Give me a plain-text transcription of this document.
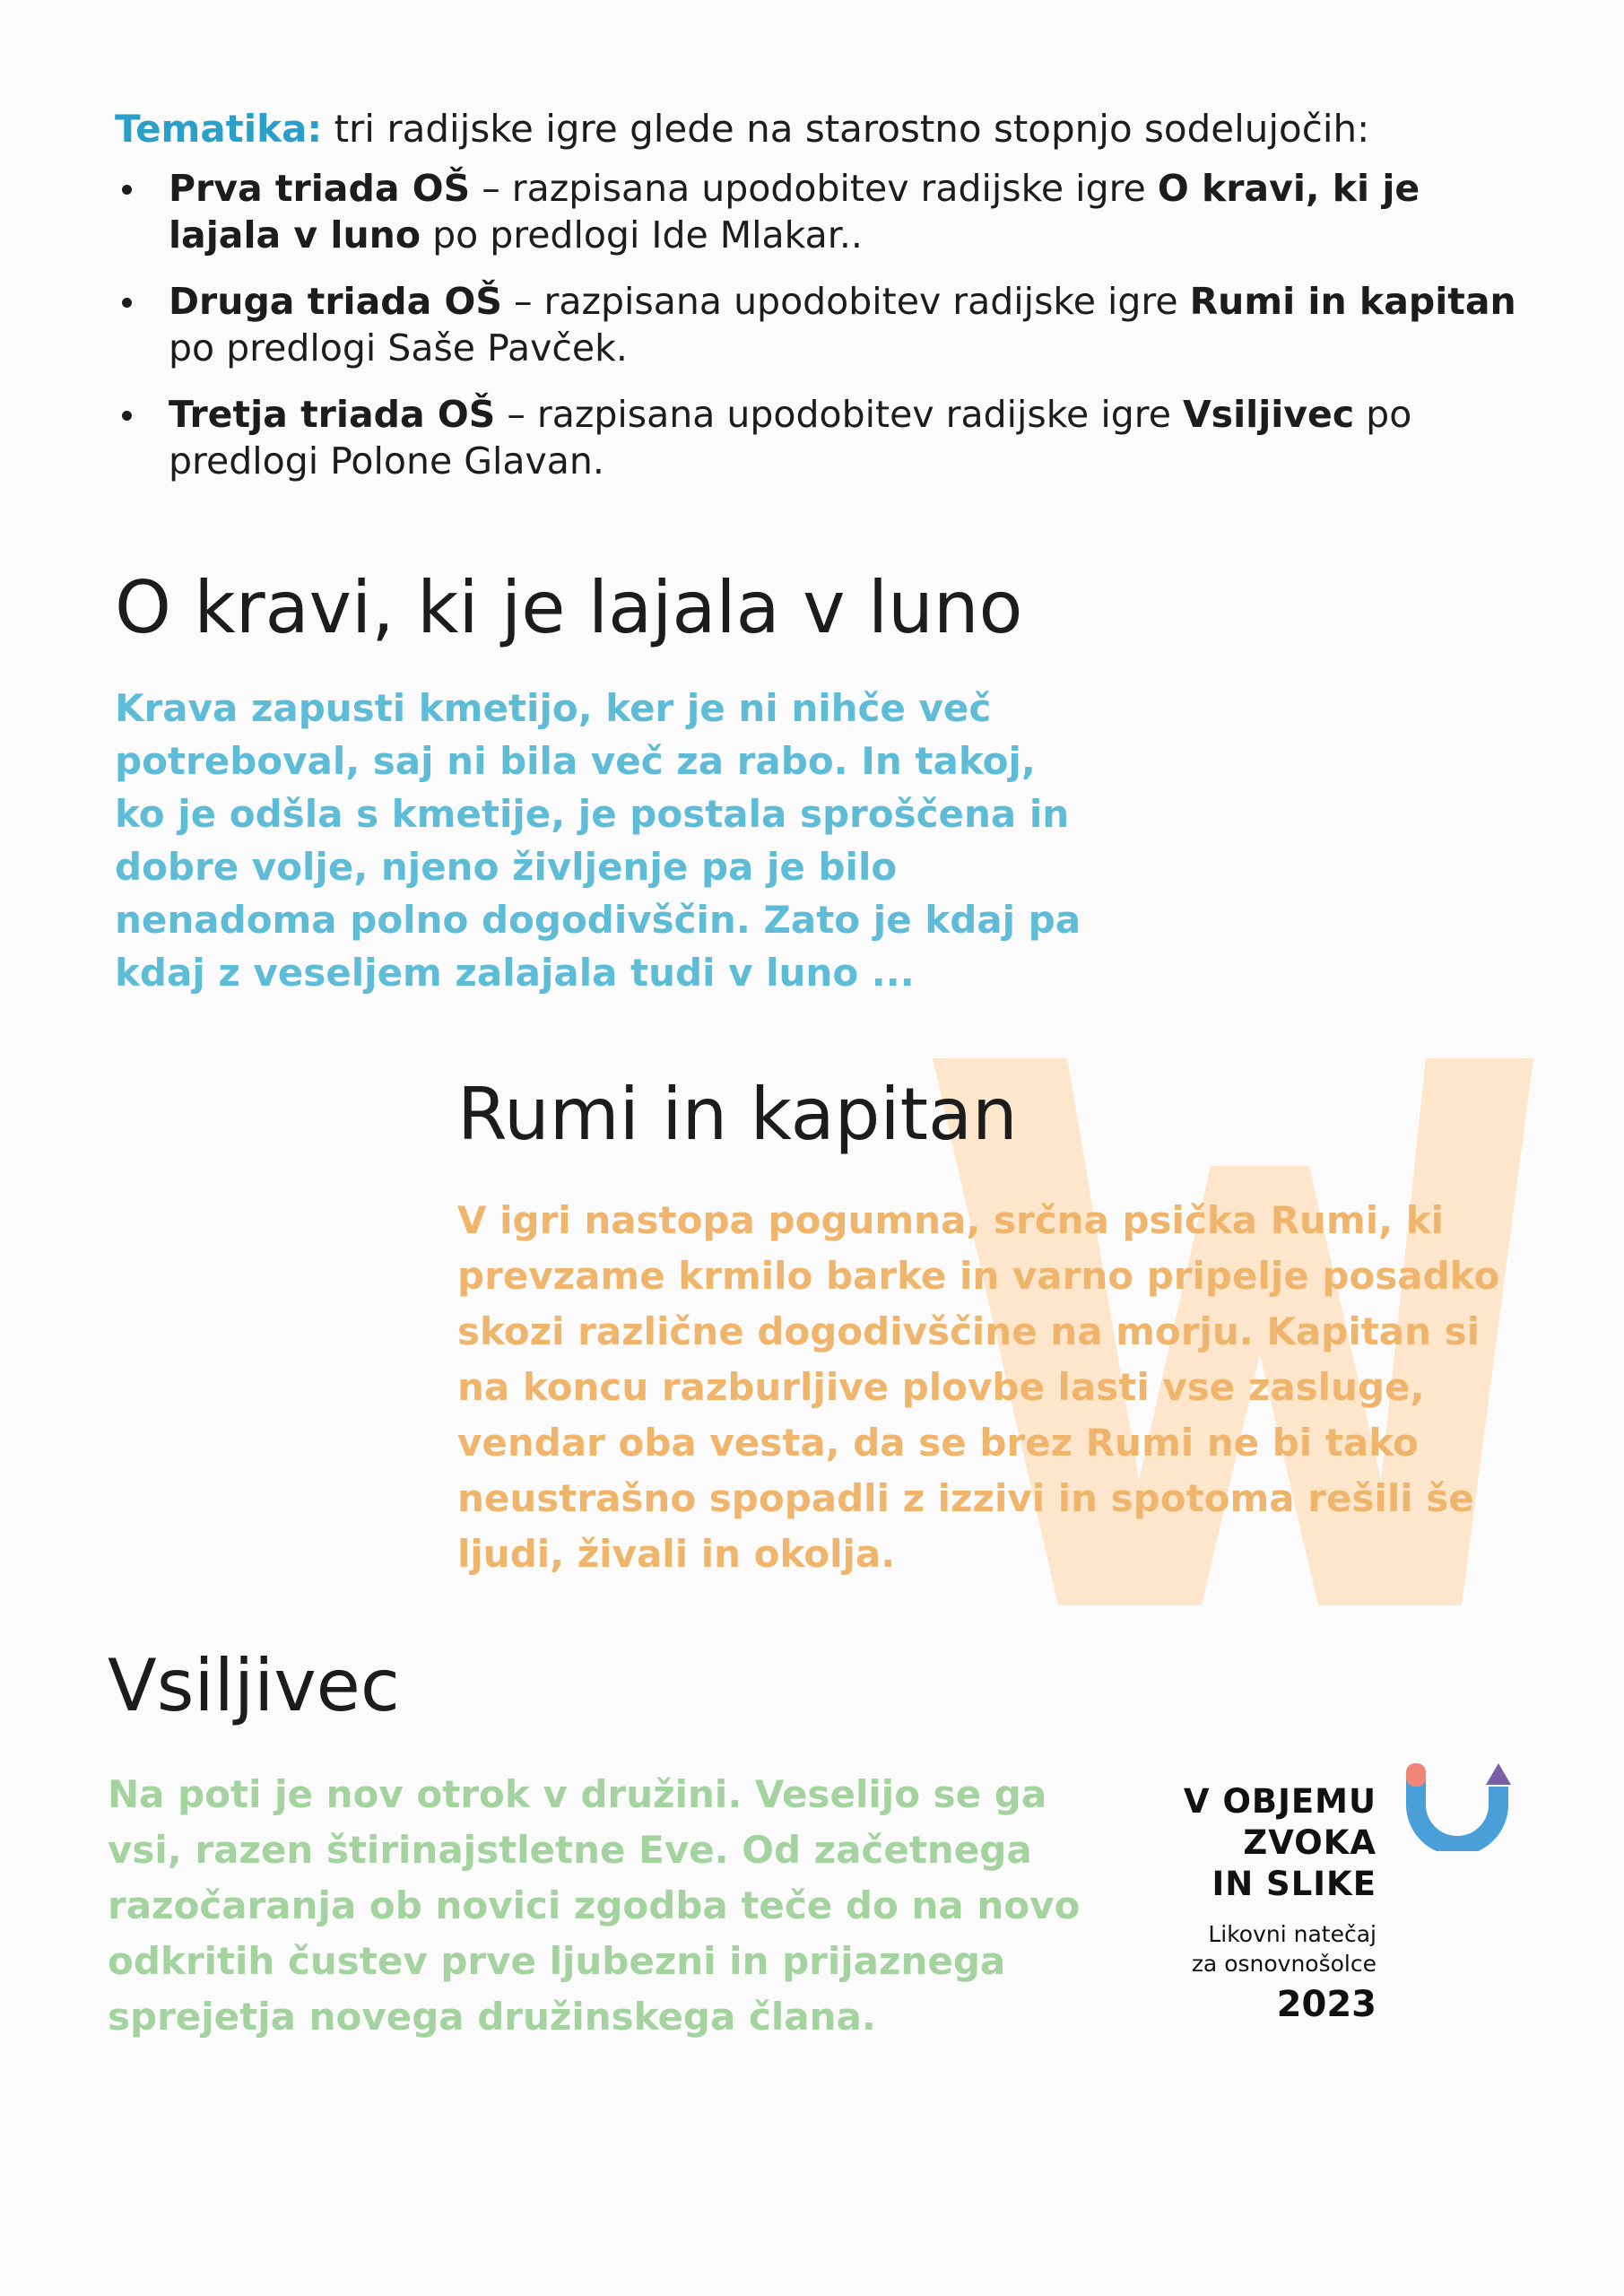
Tematika: tri radijske igre glede na starostno stopnjo sodelujočih:
Prva triada OŠ – razpisana upodobitev radijske igre O kravi, ki je lajala v luno po predlogi Ide Mlakar..
Druga triada OŠ – razpisana upodobitev radijske igre Rumi in kapitan po predlogi Saše Pavček.
Tretja triada OŠ – razpisana upodobitev radijske igre Vsiljivec po predlogi Polone Glavan.
O kravi, ki je lajala v luno

Krava zapusti kmetijo, ker je ni nihče več potreboval, saj ni bila več za rabo. In takoj, ko je odšla s kmetije, je postala sproščena in dobre volje, njeno življenje pa je bilo nenadoma polno dogodivščin. Zato je kdaj pa kdaj z veseljem zalajala tudi v luno ...

Rumi in kapitan

V igri nastopa pogumna, srčna psička Rumi, ki prevzame krmilo barke in varno pripelje posadko skozi različne dogodivščine na morju. Kapitan si na koncu razburljive plovbe lasti vse zasluge, vendar oba vesta, da se brez Rumi ne bi tako neustrašno spopadli z izzivi in spotoma rešili še ljudi, živali in okolja.

Vsiljivec

Na poti je nov otrok v družini. Veselijo se ga vsi, razen štirinajstletne Eve. Od začetnega razočaranja ob novici zgodba teče do na novo odkritih čustev prve ljubezni in prijaznega sprejetja novega družinskega člana.

V OBJEMU
ZVOKA
IN SLIKE
Likovni natečaj
za osnovnošolce
2023
